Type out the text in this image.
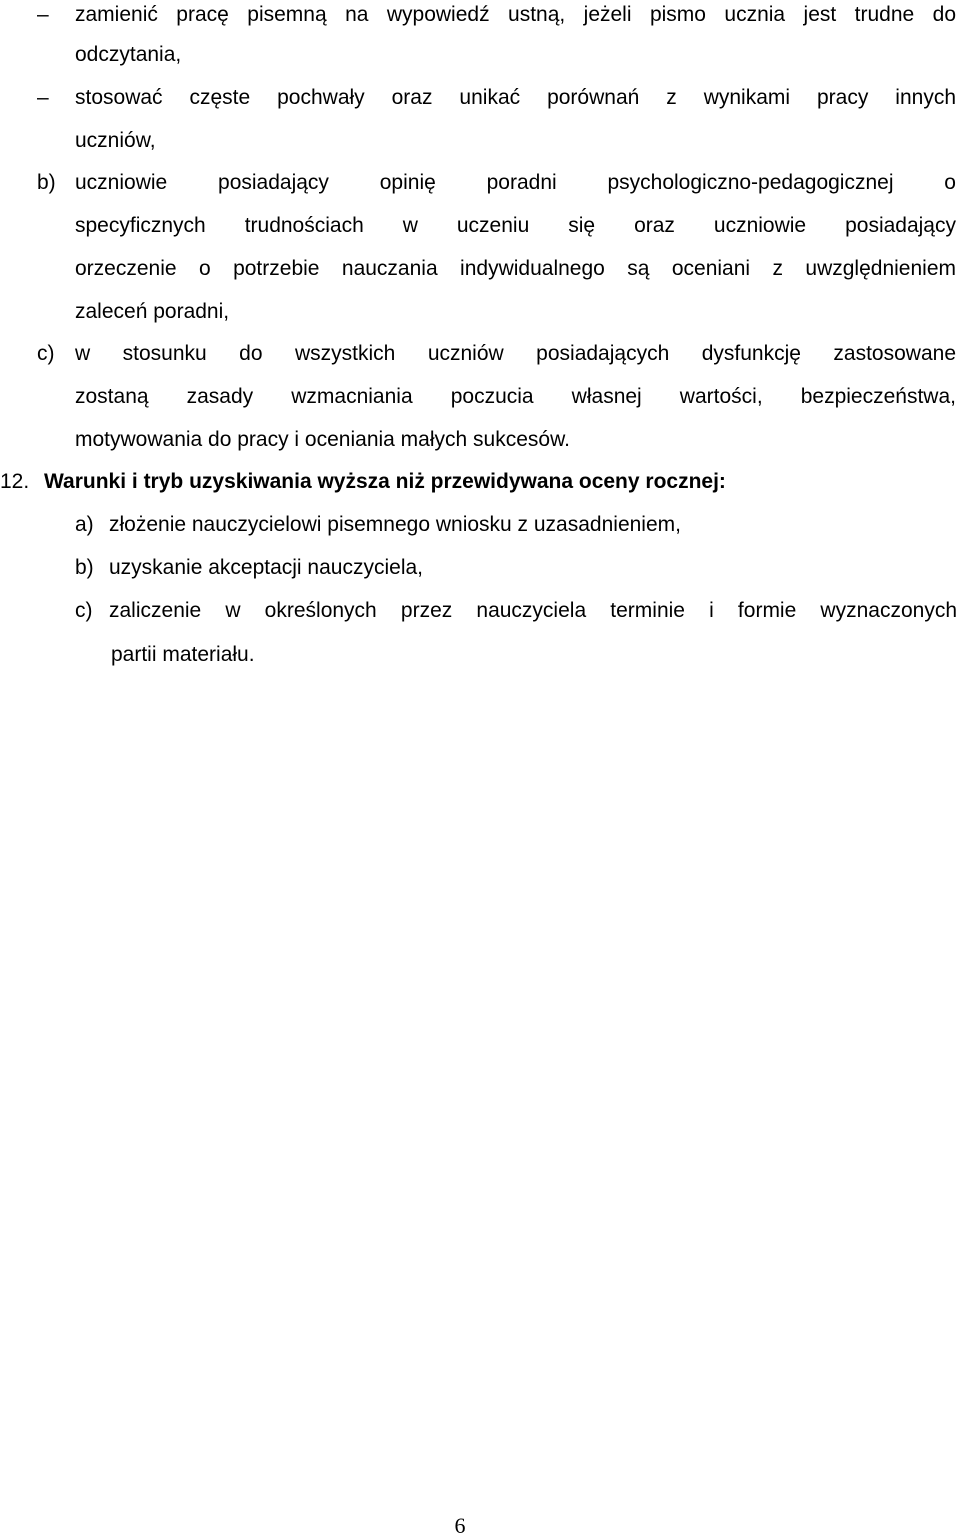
– zamienić pracę pisemną na wypowiedź ustną, jeżeli pismo ucznia jest trudne do
odczytania,
– stosować częste pochwały oraz unikać porównań z wynikami pracy innych
uczniów,
b) uczniowie posiadający opinię poradni psychologiczno-pedagogicznej o
specyficznych trudnościach w uczeniu się oraz uczniowie posiadający
orzeczenie o potrzebie nauczania indywidualnego są oceniani z uwzględnieniem
zaleceń poradni,
c) w stosunku do wszystkich uczniów posiadających dysfunkcję zastosowane
zostaną zasady wzmacniania poczucia własnej wartości, bezpieczeństwa,
motywowania do pracy i oceniania małych sukcesów.
12. Warunki i tryb uzyskiwania wyższa niż przewidywana oceny rocznej:
a) złożenie nauczycielowi pisemnego wniosku z uzasadnieniem,
b) uzyskanie akceptacji nauczyciela,
c) zaliczenie w określonych przez nauczyciela terminie i formie wyznaczonych
partii materiału.
6
